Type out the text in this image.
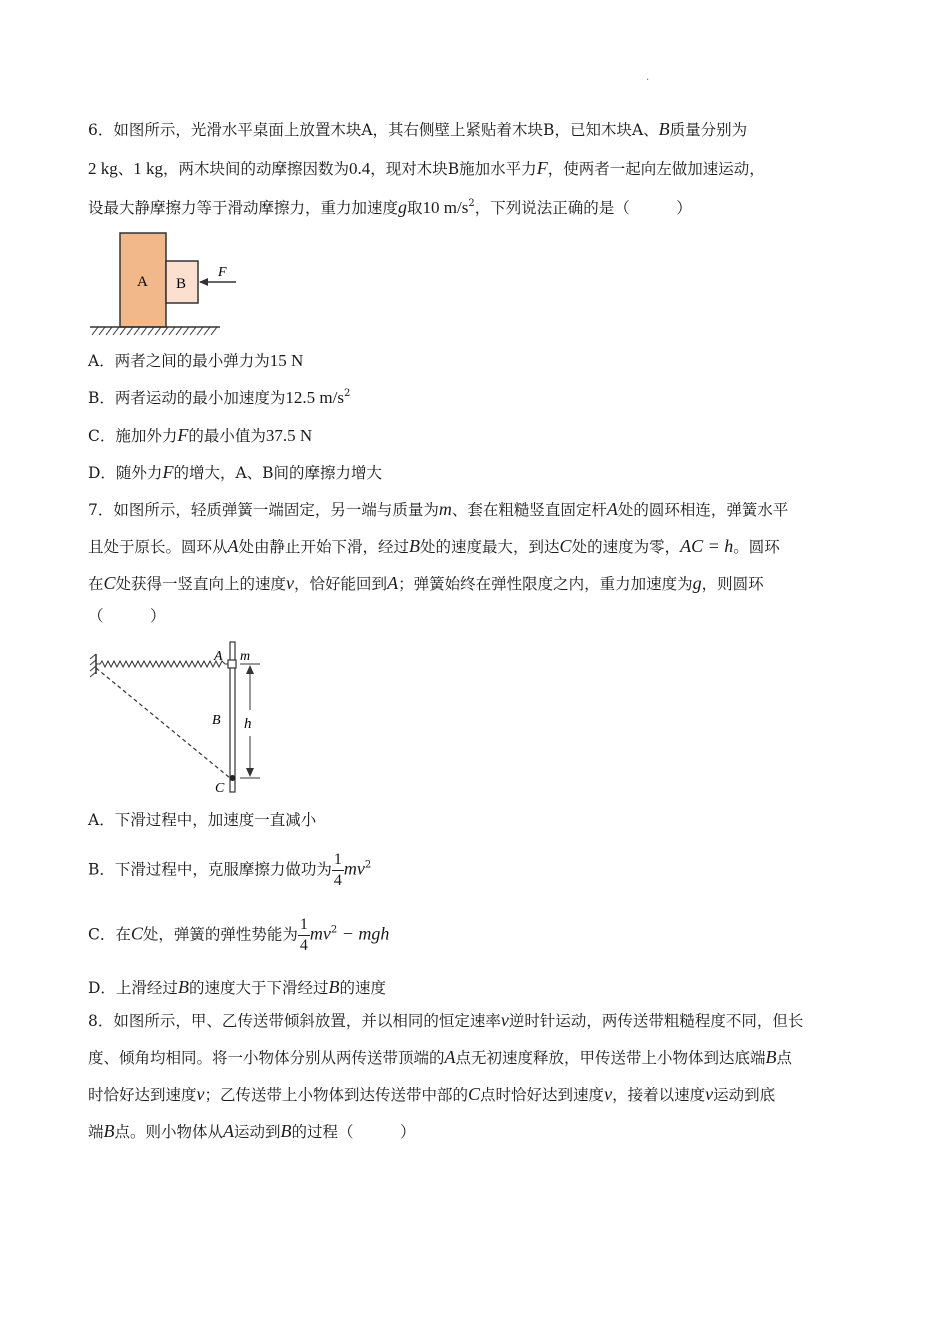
.
6．如图所示，光滑水平桌面上放置木块A，其右侧壁上紧贴着木块B，已知木块A、B质量分别为
2 kg、1 kg，两木块间的动摩擦因数为0.4，现对木块B施加水平力F，使两者一起向左做加速运动，
设最大静摩擦力等于滑动摩擦力，重力加速度g取10 $m/s^2$，下列说法正确的是（　　　）
A B
F
A．两者之间的最小弹力为15 N
B．两者运动的最小加速度为12.5 $m/s^2$
C．施加外力F的最小值为37.5 N
D．随外力F的增大，A、B间的摩擦力增大
7．如图所示，轻质弹簧一端固定，另一端与质量为m、套在粗糙竖直固定杆A处的圆环相连，弹簧水平
且处于原长。圆环从A处由静止开始下滑，经过B处的速度最大，到达C处的速度为零，AC = h。圆环
在C处获得一竖直向上的速度v，恰好能回到A；弹簧始终在弹性限度之内，重力加速度为g，则圆环
（　　　）
A m
B
C
h
A．下滑过程中，加速度一直减小
B．下滑过程中，克服摩擦力做功为 $\frac{1}{4} mv^2$
C．在C处，弹簧的弹性势能为 $\frac{1}{4} mv^2$ − mgh
D．上滑经过B的速度大于下滑经过B的速度
8．如图所示，甲、乙传送带倾斜放置，并以相同的恒定速率v逆时针运动，两传送带粗糙程度不同，但长
度、倾角均相同。将一小物体分别从两传送带顶端的A点无初速度释放，甲传送带上小物体到达底端B点
时恰好达到速度v；乙传送带上小物体到达传送带中部的C点时恰好达到速度v，接着以速度v运动到底
端B点。则小物体从A运动到B的过程（　　　）
